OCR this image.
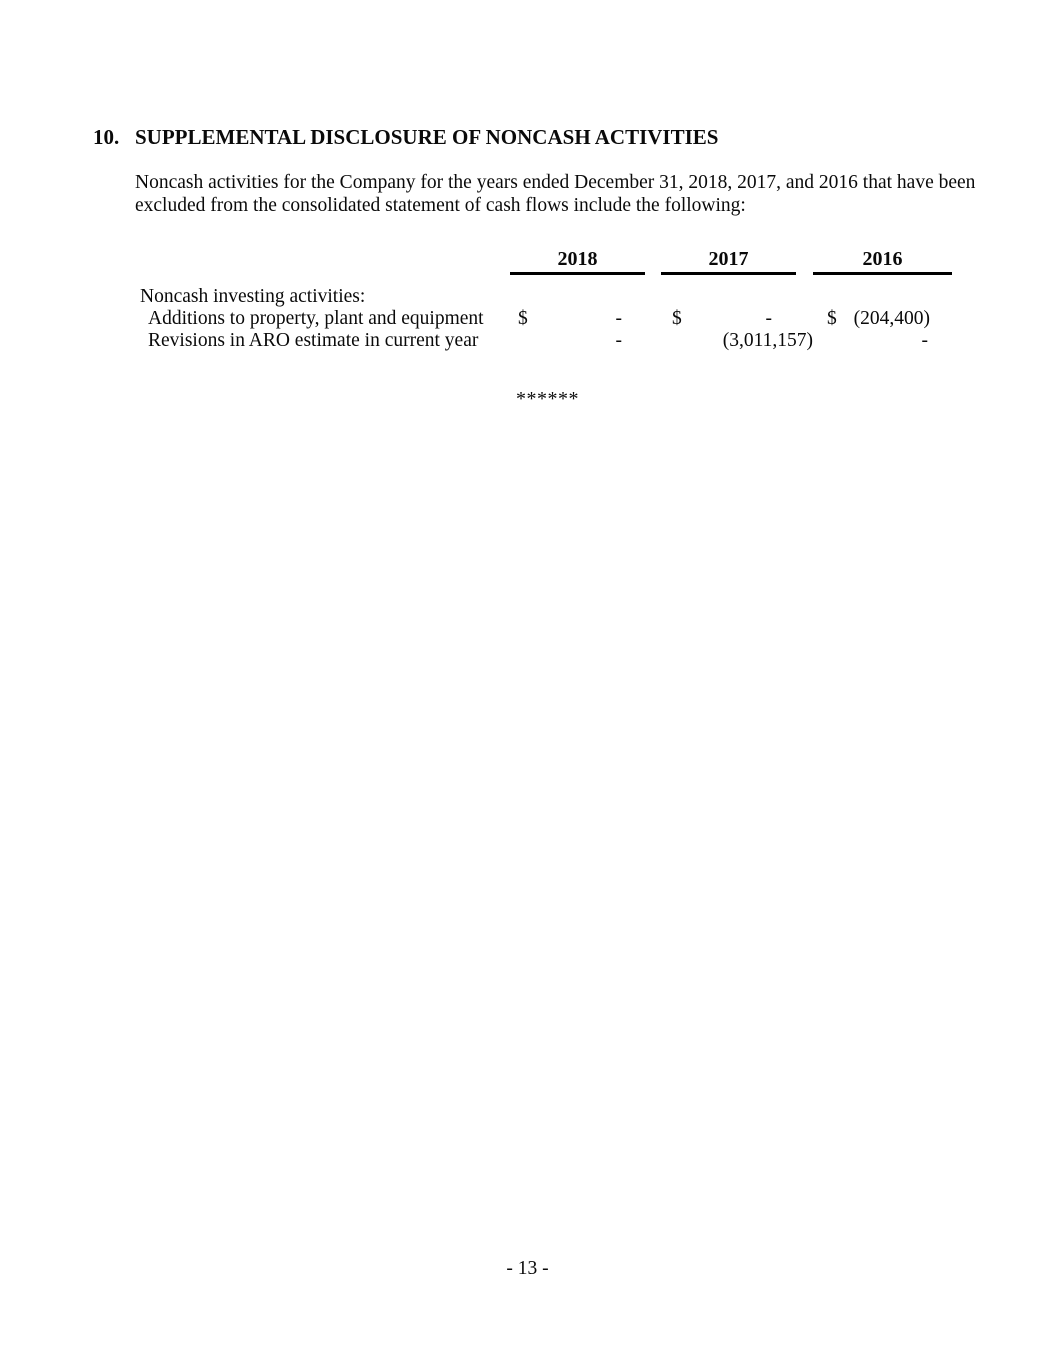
10. SUPPLEMENTAL DISCLOSURE OF NONCASH ACTIVITIES
Noncash activities for the Company for the years ended December 31, 2018, 2017, and 2016 that have been
excluded from the consolidated statement of cash flows include the following:
2018	2017	2016
Noncash investing activities:
Additions to property, plant and equipment $	-	$	-	$ (204,400)
Revisions in ARO estimate in current year	-	(3,011,157)	-
******
- 13 -
